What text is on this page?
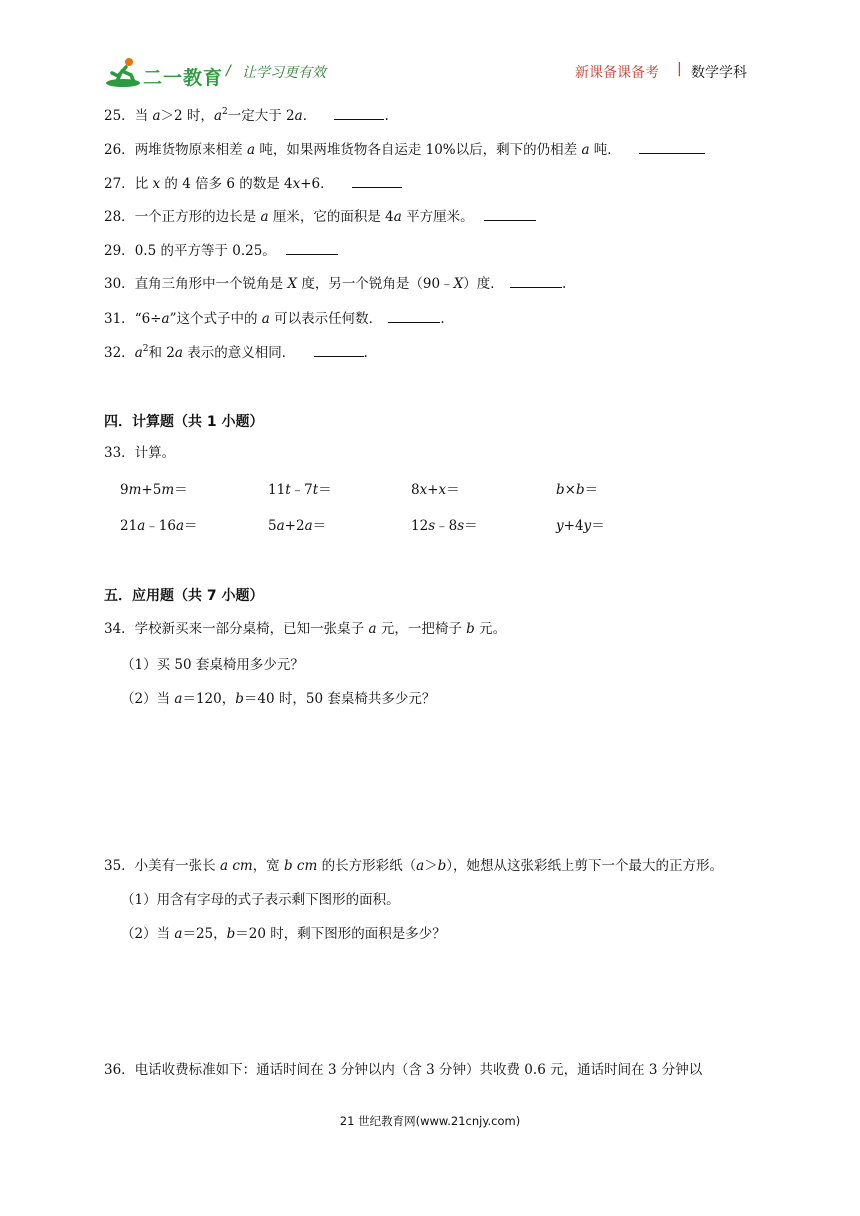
二一教育 / 让学习更有效	新课备课备考 | 数学学科
25．当 a＞2 时，$a^2$一定大于 2a．	.
26．两堆货物原来相差 a 吨，如果两堆货物各自运走 10%以后，剩下的仍相差 a 吨．
27．比 x 的 4 倍多 6 的数是 4x+6．
28．一个正方形的边长是 a 厘米，它的面积是 4a 平方厘米。
29．0.5 的平方等于 0.25。
30．直角三角形中一个锐角是 X 度，另一个锐角是（90﹣X）度．	.
31．“6÷a”这个式子中的 a 可以表示任何数．	.
32．$a^2$和 2a 表示的意义相同．	.
四．计算题（共 1 小题）
33．计算。
9m+5m＝	11t﹣7t＝	8x+x＝	b×b＝
21a﹣16a＝	5a+2a＝	12s﹣8s＝	y+4y＝
五．应用题（共 7 小题）
34．学校新买来一部分桌椅，已知一张桌子 a 元，一把椅子 b 元。
（1）买 50 套桌椅用多少元？
（2）当 a＝120，b＝40 时，50 套桌椅共多少元？
35．小美有一张长 a cm，宽 b cm 的长方形彩纸（a＞b），她想从这张彩纸上剪下一个最大的正方形。
（1）用含有字母的式子表示剩下图形的面积。
（2）当 a＝25，b＝20 时，剩下图形的面积是多少？
36．电话收费标准如下：通话时间在 3 分钟以内（含 3 分钟）共收费 0.6 元，通话时间在 3 分钟以
21 世纪教育网(www.21cnjy.com)
